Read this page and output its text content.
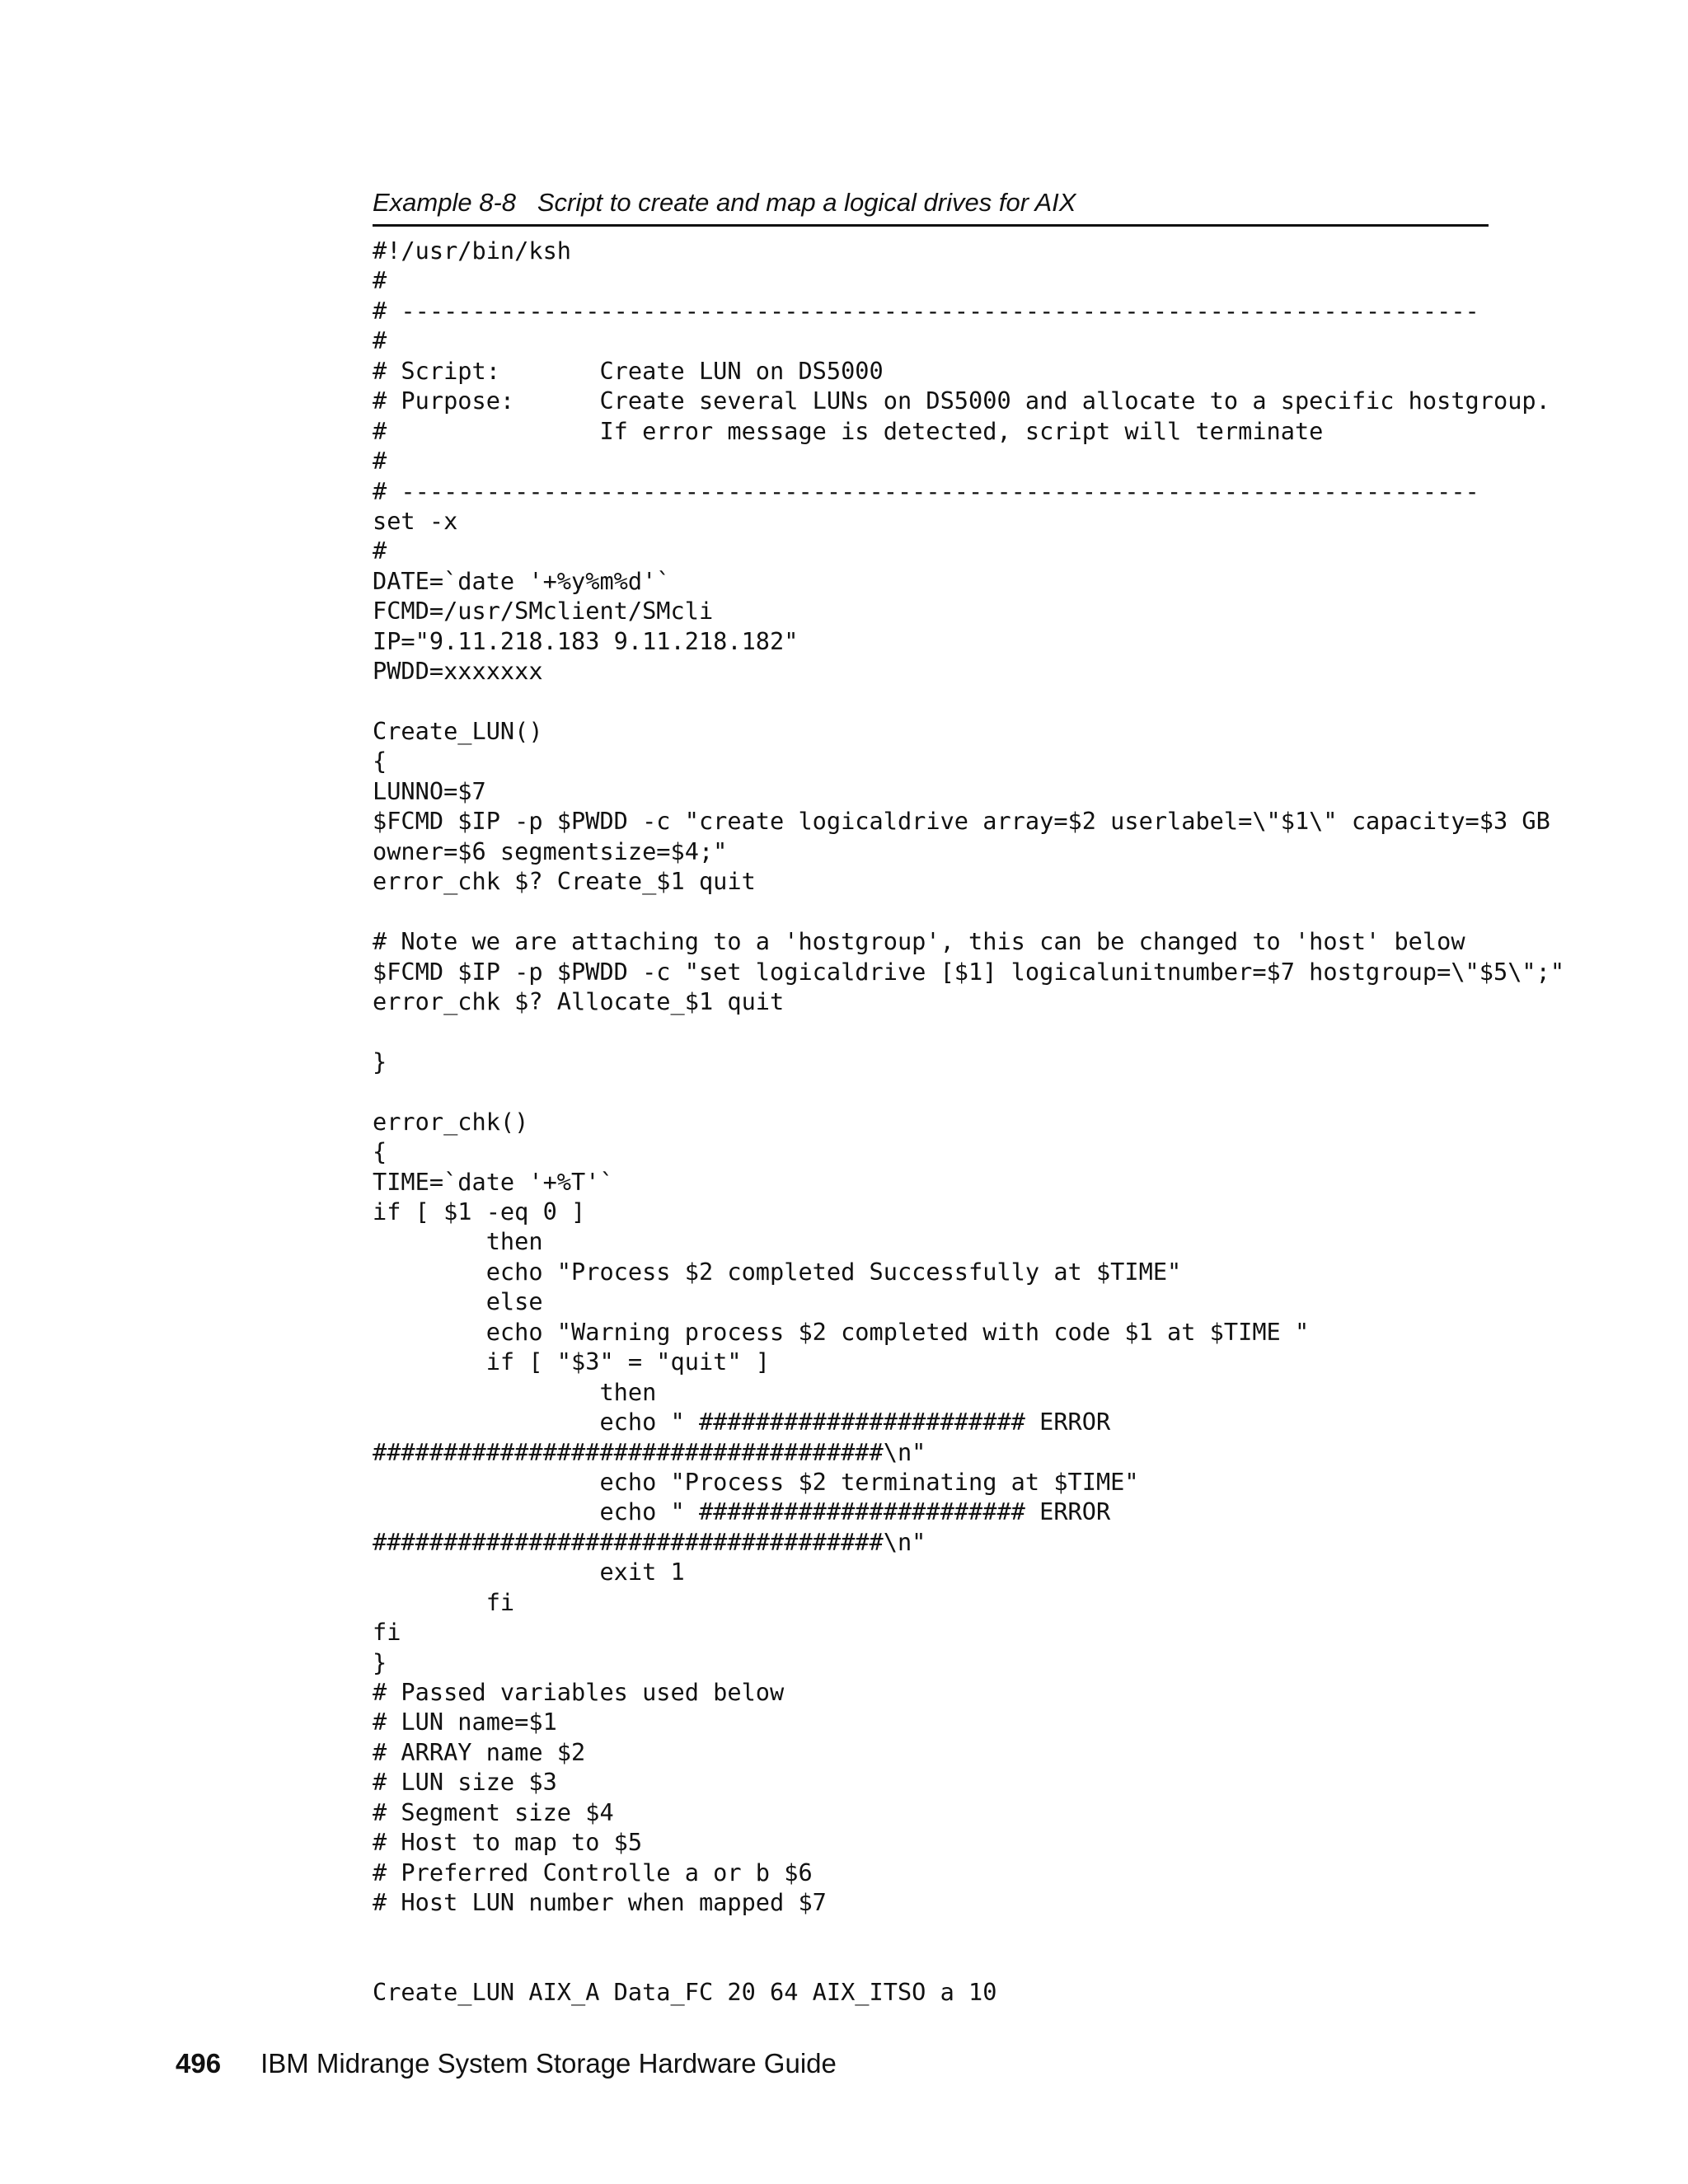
Example 8-8   Script to create and map a logical drives for AIX
#!/usr/bin/ksh
#
# ----------------------------------------------------------------------------
#
# Script:       Create LUN on DS5000
# Purpose:      Create several LUNs on DS5000 and allocate to a specific hostgroup.
#               If error message is detected, script will terminate
#
# ----------------------------------------------------------------------------
set -x
#
DATE=`date '+%y%m%d'`
FCMD=/usr/SMclient/SMcli
IP="9.11.218.183 9.11.218.182"
PWDD=xxxxxxx
Create_LUN()
{
LUNNO=$7
$FCMD $IP -p $PWDD -c "create logicaldrive array=$2 userlabel=\"$1\" capacity=$3 GB
owner=$6 segmentsize=$4;"
error_chk $? Create_$1 quit
# Note we are attaching to a 'hostgroup', this can be changed to 'host' below
$FCMD $IP -p $PWDD -c "set logicaldrive [$1] logicalunitnumber=$7 hostgroup=\"$5\";"
error_chk $? Allocate_$1 quit
}
error_chk()
{
TIME=`date '+%T'`
if [ $1 -eq 0 ]
then
echo "Process $2 completed Successfully at $TIME"
else
echo "Warning process $2 completed with code $1 at $TIME "
if [ "$3" = "quit" ]
then
echo " ####################### ERROR
####################################\n"
echo "Process $2 terminating at $TIME"
echo " ####################### ERROR
####################################\n"
exit 1
fi
fi
}
# Passed variables used below
# LUN name=$1
# ARRAY name $2
# LUN size $3
# Segment size $4
# Host to map to $5
# Preferred Controlle a or b $6
# Host LUN number when mapped $7
Create_LUN AIX_A Data_FC 20 64 AIX_ITSO a 10
496 IBM Midrange System Storage Hardware Guide
